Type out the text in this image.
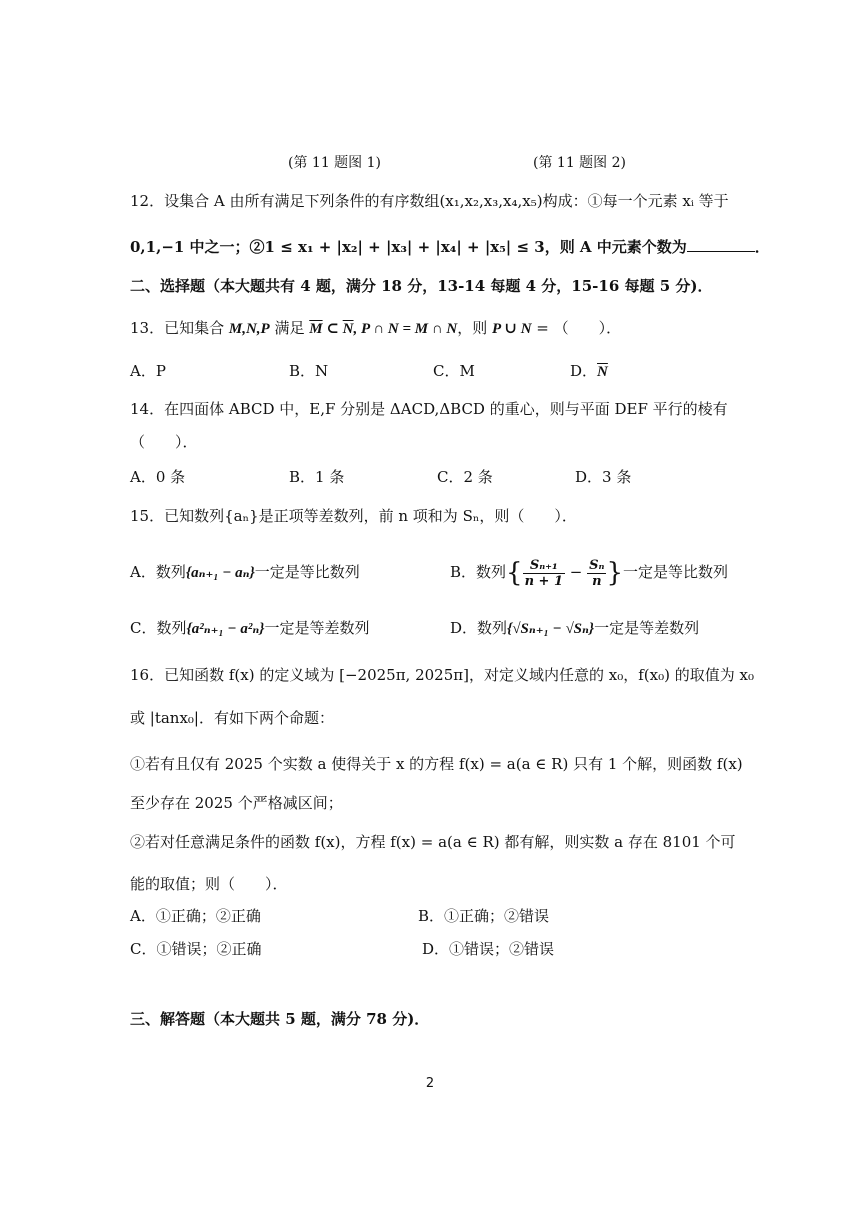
(第 11 题图 1)	(第 11 题图 2)
12．设集合 A 由所有满足下列条件的有序数组(x₁,x₂,x₃,x₄,x₅)构成：①每一个元素 xᵢ 等于
0,1,−1 中之一；②1 ≤ x₁ + |x₂| + |x₃| + |x₄| + |x₅| ≤ 3，则 A 中元素个数为	．
二、选择题（本大题共有 4 题，满分 18 分，13-14 每题 4 分，15-16 每题 5 分)．
13．已知集合 M,N,P 满足 $\overline{M}$ ⊂ $\overline{N}$, P ∩ N = M ∩ N，则 P ∪ N = （　　）．
A．P	B．N	C．M	D．$\overline{N}$
14．在四面体 ABCD 中，E,F 分别是 ΔACD,ΔBCD 的重心，则与平面 DEF 平行的棱有
（　　）．
A．0 条	B．1 条	C．2 条	D．3 条
15．已知数列{aₙ}是正项等差数列，前 n 项和为 Sₙ，则（　　）．
A．数列{aₙ₊₁ − aₙ}一定是等比数列	B．数列{ $\frac{\text{Sₙ₊₁}}{n + 1} - \frac{\text{Sₙ}}{n}$ }一定是等比数列
C．数列{a²ₙ₊₁ − a²ₙ}一定是等差数列	D．数列{√Sₙ₊₁ − √Sₙ}一定是等差数列
16．已知函数 f(x) 的定义域为 [−2025π, 2025π]，对定义域内任意的 x₀，f(x₀) 的取值为 x₀
或 |tanx₀|．有如下两个命题：
①若有且仅有 2025 个实数 a 使得关于 x 的方程 f(x) = a(a ∈ R) 只有 1 个解，则函数 f(x)
至少存在 2025 个严格减区间；
②若对任意满足条件的函数 f(x)，方程 f(x) = a(a ∈ R) 都有解，则实数 a 存在 8101 个可
能的取值；则（　　）．
A．①正确；②正确	B．①正确；②错误
C．①错误；②正确	D．①错误；②错误
三、解答题（本大题共 5 题，满分 78 分)．
2
